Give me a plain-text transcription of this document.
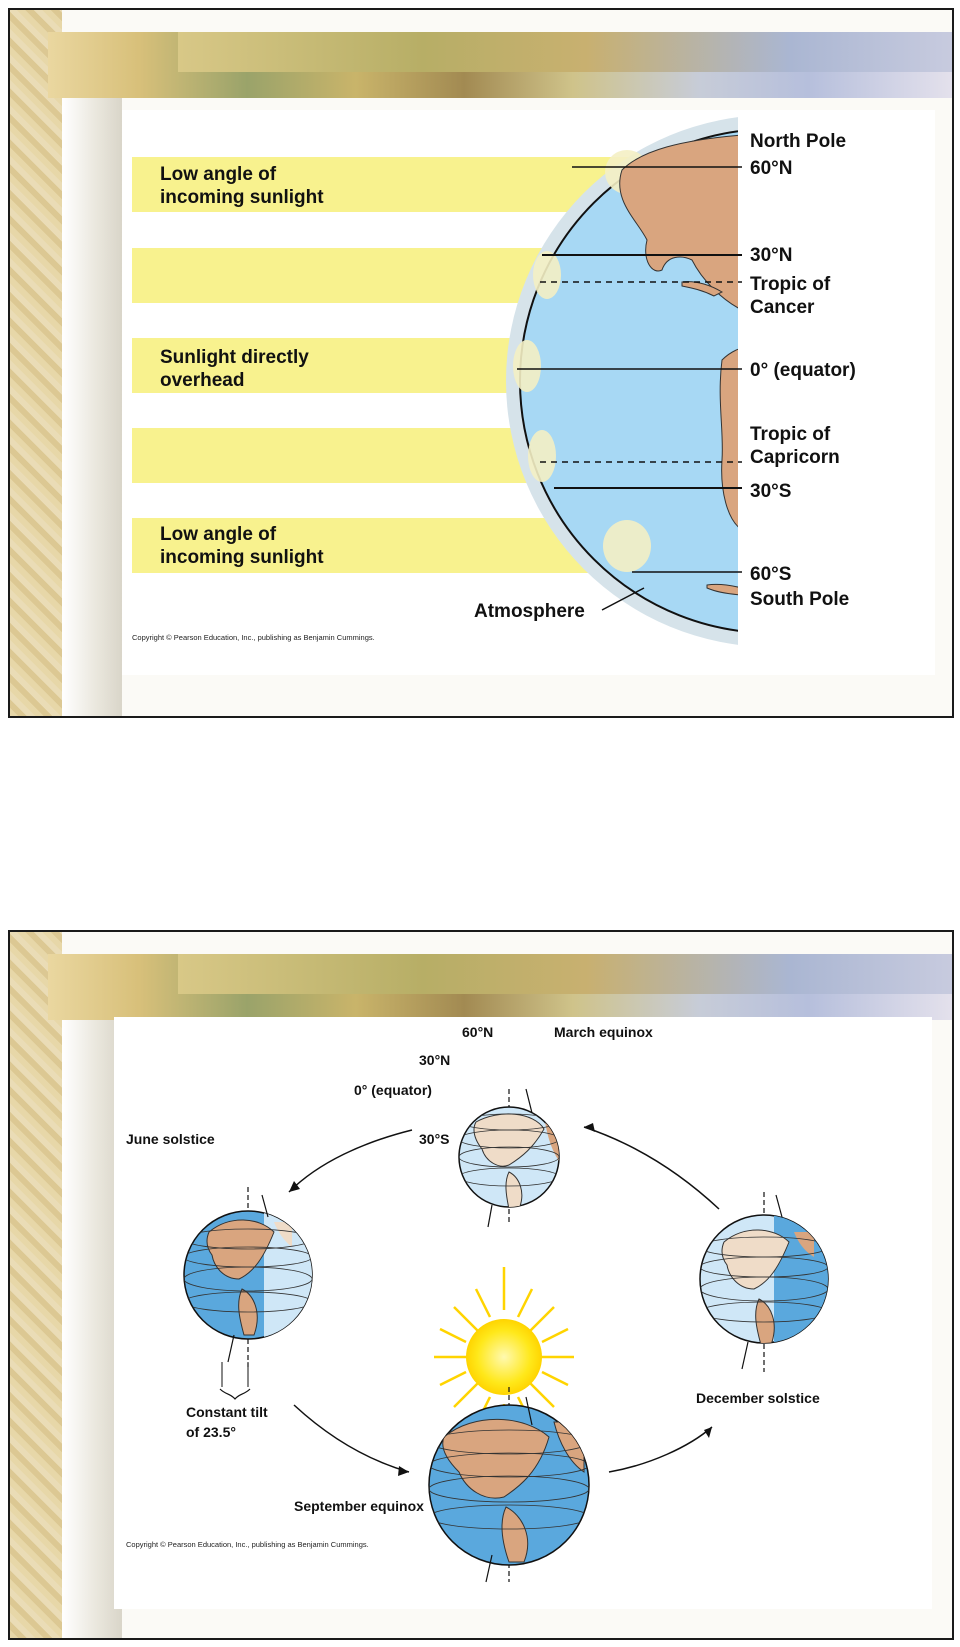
Low angle of
incoming sunlight
Sunlight directly
overhead
Low angle of
incoming sunlight
North Pole
60°N
30°N
Tropic of
Cancer
0° (equator)
Tropic of
Capricorn
30°S
60°S
South Pole
Atmosphere
Copyright © Pearson Education, Inc., publishing as Benjamin Cummings.
March equinox
60°N
30°N
0° (equator)
30°S
June solstice
Constant tilt
of 23.5°
December solstice
September equinox
Copyright © Pearson Education, Inc., publishing as Benjamin Cummings.
